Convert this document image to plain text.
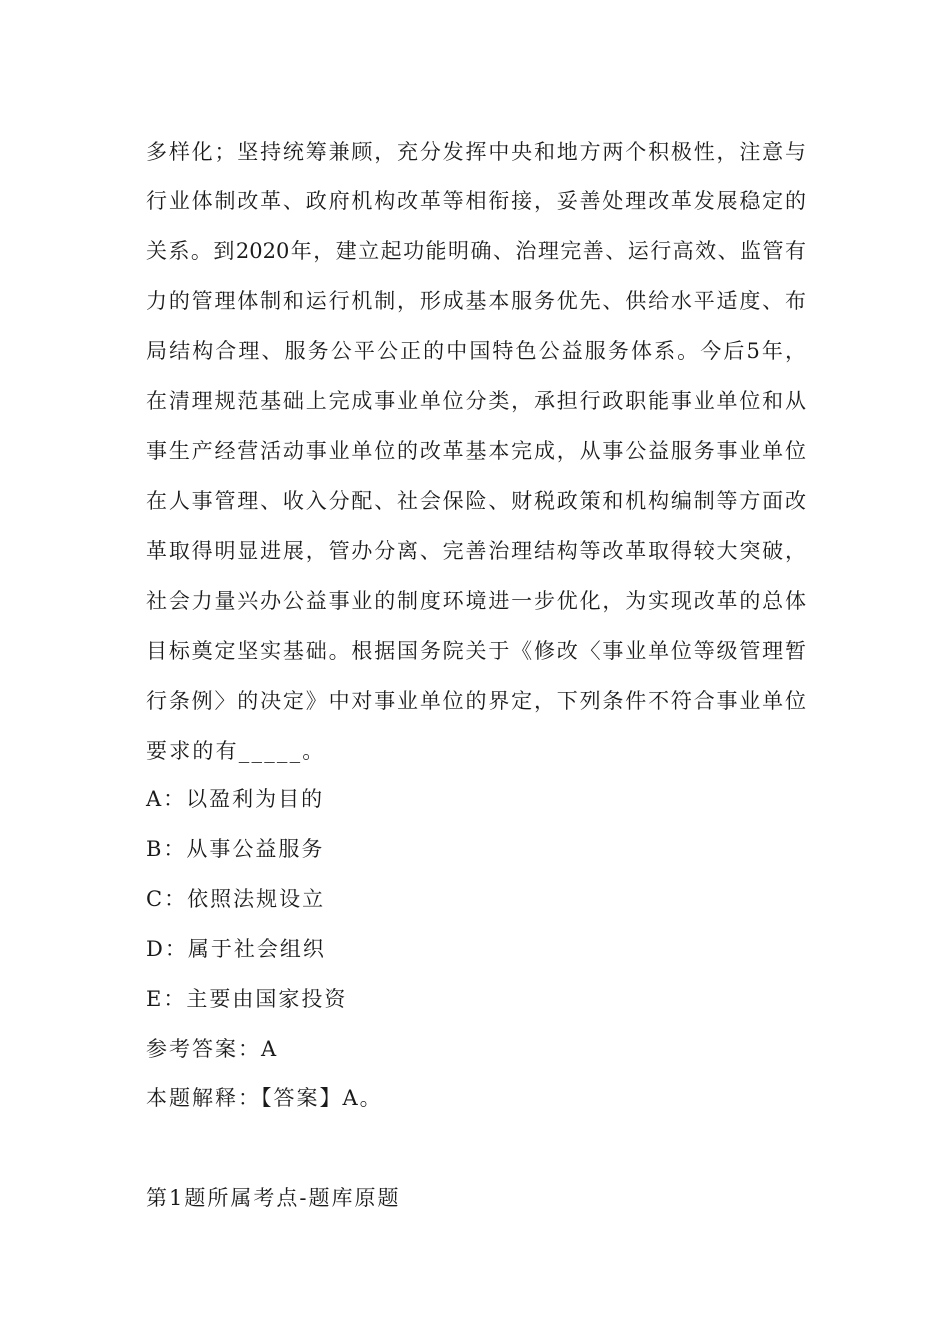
多样化；坚持统筹兼顾，充分发挥中央和地方两个积极性，注意与
行业体制改革、政府机构改革等相衔接，妥善处理改革发展稳定的
关系。到2020年，建立起功能明确、治理完善、运行高效、监管有
力的管理体制和运行机制，形成基本服务优先、供给水平适度、布
局结构合理、服务公平公正的中国特色公益服务体系。今后5年，
在清理规范基础上完成事业单位分类，承担行政职能事业单位和从
事生产经营活动事业单位的改革基本完成，从事公益服务事业单位
在人事管理、收入分配、社会保险、财税政策和机构编制等方面改
革取得明显进展，管办分离、完善治理结构等改革取得较大突破，
社会力量兴办公益事业的制度环境进一步优化，为实现改革的总体
目标奠定坚实基础。根据国务院关于《修改〈事业单位等级管理暂
行条例〉的决定》中对事业单位的界定，下列条件不符合事业单位
要求的有_____。
A：以盈利为目的
B：从事公益服务
C：依照法规设立
D：属于社会组织
E：主要由国家投资
参考答案：A
本题解释：【答案】A。
第1题所属考点-题库原题
